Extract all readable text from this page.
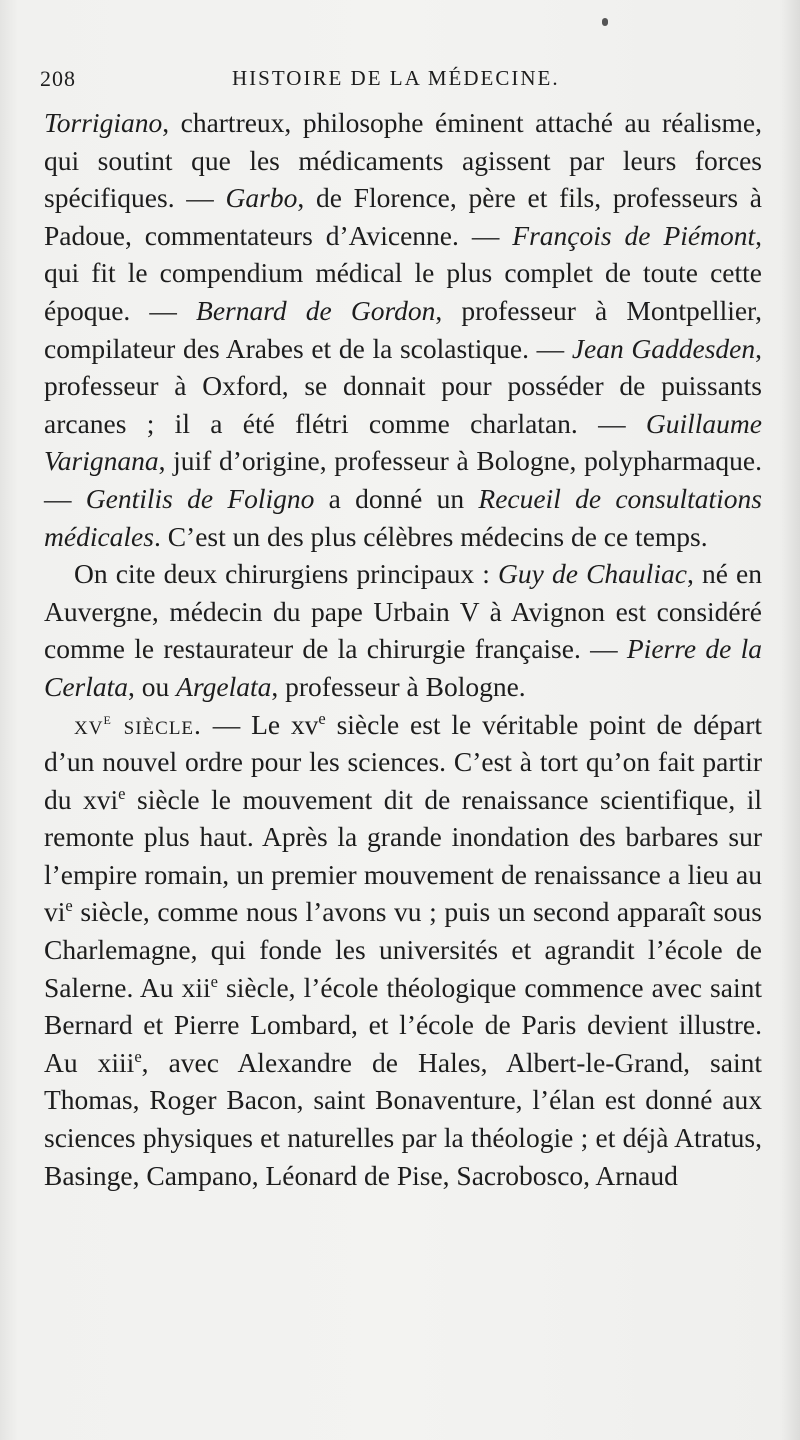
208	HISTOIRE DE LA MÉDECINE.

Torrigiano, chartreux, philosophe éminent attaché au réalisme, qui soutint que les médicaments agissent par leurs forces spécifiques. — Garbo, de Florence, père et fils, professeurs à Padoue, commentateurs d’Avicenne. — François de Piémont, qui fit le compendium médical le plus complet de toute cette époque. — Bernard de Gordon, professeur à Montpellier, compilateur des Arabes et de la scolastique. — Jean Gaddesden, professeur à Oxford, se donnait pour posséder de puissants arcanes ; il a été flétri comme charlatan. — Guillaume Varignana, juif d’origine, professeur à Bologne, polypharmaque. — Gentilis de Foligno a donné un Recueil de consultations médicales. C’est un des plus célèbres médecins de ce temps.

On cite deux chirurgiens principaux : Guy de Chauliac, né en Auvergne, médecin du pape Urbain V à Avignon est considéré comme le restaurateur de la chirurgie française. — Pierre de la Cerlata, ou Argelata, professeur à Bologne.

$xv^e$ siècle. — Le $xv^e$ siècle est le véritable point de départ d’un nouvel ordre pour les sciences. C’est à tort qu’on fait partir du xvi$^e$ siècle le mouvement dit de renaissance scientifique, il remonte plus haut. Après la grande inondation des barbares sur l’empire romain, un premier mouvement de renaissance a lieu au $vi^e$ siècle, comme nous l’avons vu ; puis un second apparaît sous Charlemagne, qui fonde les universités et agrandit l’école de Salerne. Au xii$^e$ siècle, l’école théologique commence avec saint Bernard et Pierre Lombard, et l’école de Paris devient illustre. Au xiii$^e$, avec Alexandre de Hales, Albert-le-Grand, saint Thomas, Roger Bacon, saint Bonaventure, l’élan est donné aux sciences physiques et naturelles par la théologie ; et déjà Atratus, Basinge, Campano, Léonard de Pise, Sacrobosco, Arnaud
